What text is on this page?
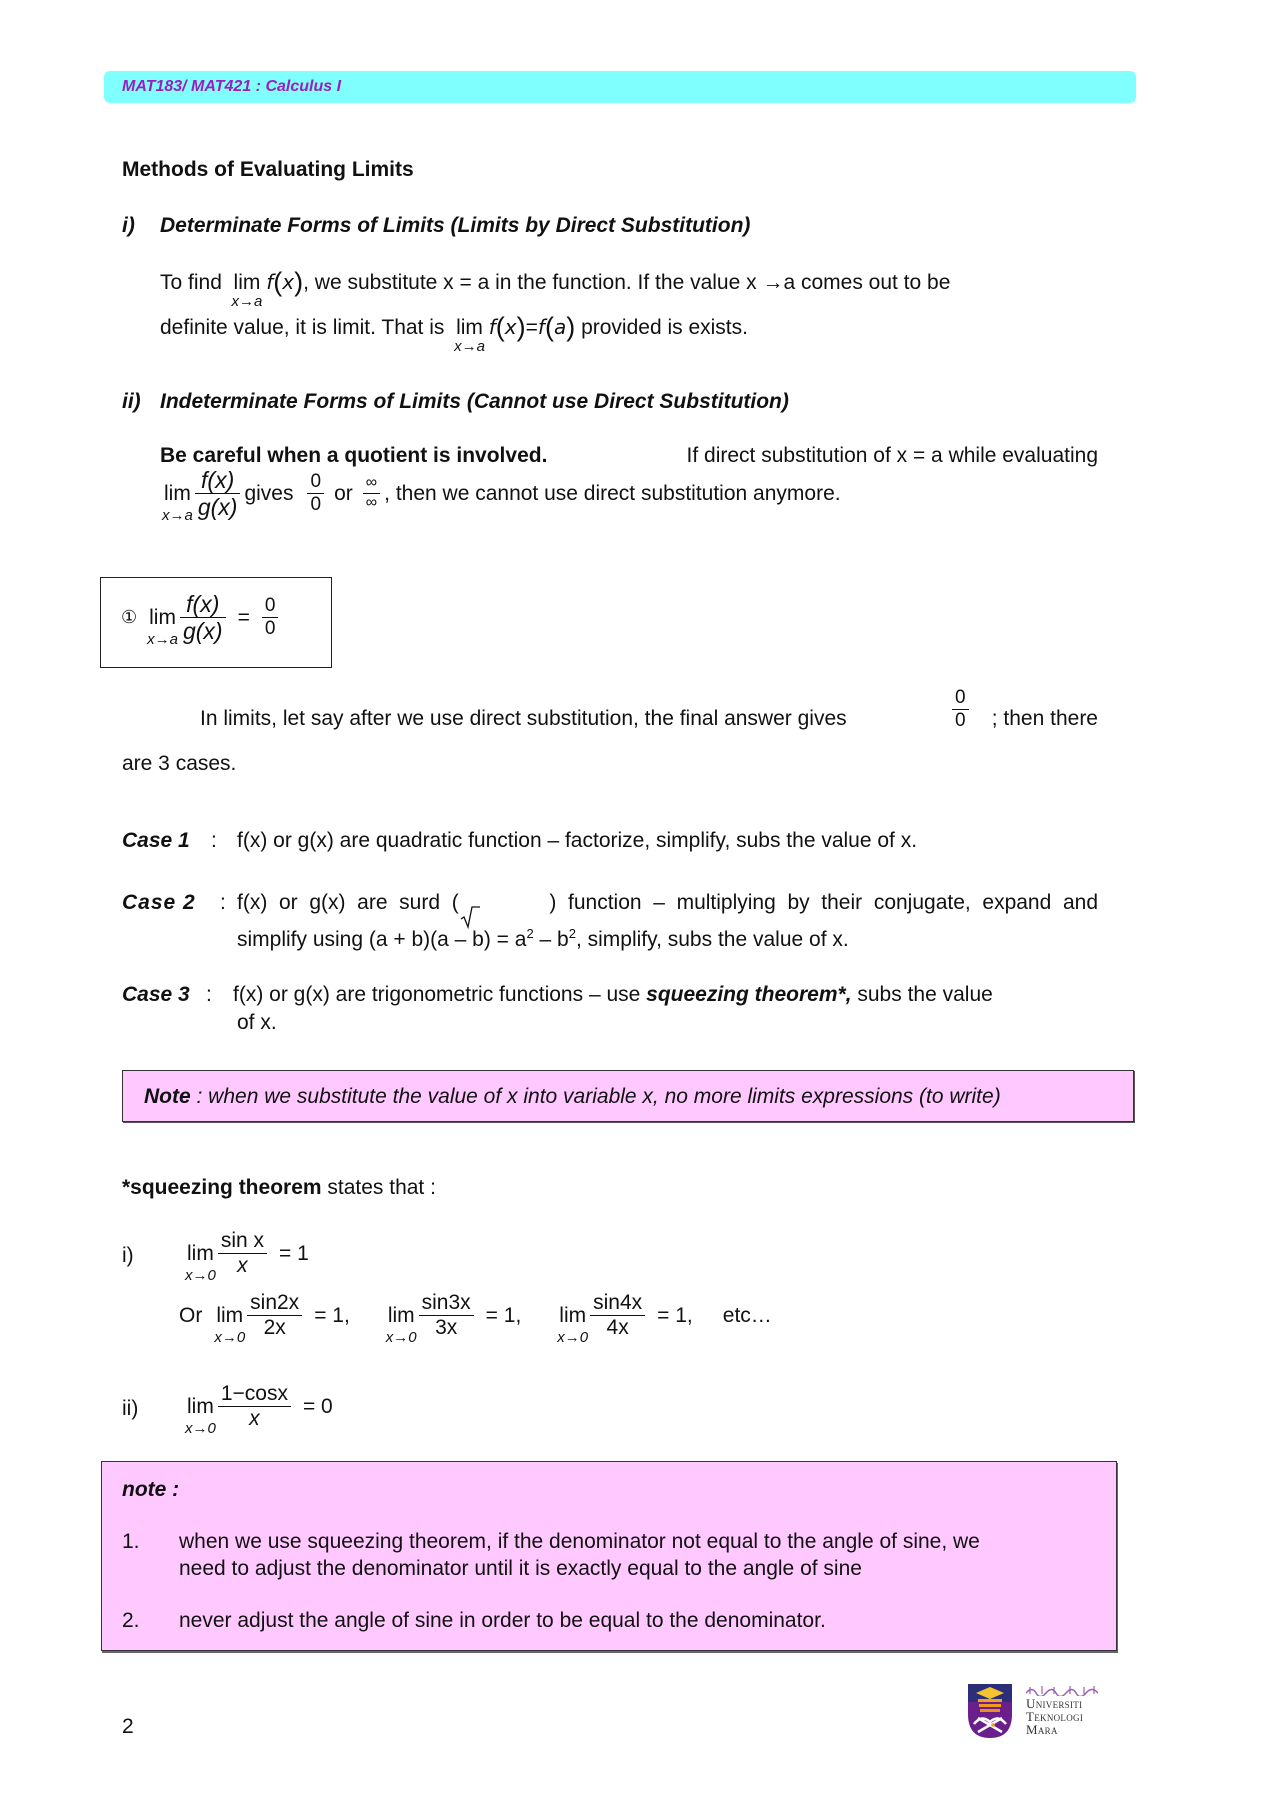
MAT183/ MAT421 : Calculus I
Methods of Evaluating Limits
i) Determinate Forms of Limits (Limits by Direct Substitution)
To find lim
x→a
f(x), we substitute x = a in the function. If the value x →a comes out to be
definite value, it is limit. That is lim
x→a
f(x)=f(a) provided is exists.
ii) Indeterminate Forms of Limits (Cannot use Direct Substitution)
Be careful when a quotient is involved.	If direct substitution of x = a while evaluating
lim
$x\to a \frac{f(x)}{g(x)}$ gives $\frac{0}{0}$ or $\frac{\infty}{\infty}$ , then we cannot use direct substitution anymore.
① lim
$x\to a \frac{f(x)}{g(x)} = \frac{0}{0}$
In limits, let say after we use direct substitution, the final answer gives
0
0 ; then there
are 3 cases.
Case 1 : f(x) or g(x) are quadratic function – factorize, simplify, subs the value of x.
Case 2 : f(x)  or  g(x)  are  surd  (	)  function  –  multiplying  by  their  conjugate,  expand  and
simplify using $(a + b)(a - b) = a^2 - b^2$, simplify, subs the value of x.
Case 3 : f(x) or g(x) are trigonometric functions – use squeezing theorem*, subs the value
of x.
Note : when we substitute the value of x into variable x, no more limits expressions (to write)
*squeezing theorem states that :
i)	lim
$x\to 0 \frac{\text{sin x}}{x} = 1$
Or lim
$x\to 0 \frac{\sin 2x}{2x} = 1$, lim
$x\to 0 \frac{\sin 3x}{3x} = 1$, lim
$x\to 0 \frac{\sin 4x}{4x} = 1$, etc…
ii) lim
$x\to 0 \frac{1-\cos x}{x} = 0$
note :
1. when we use squeezing theorem, if the denominator not equal to the angle of sine, we
need to adjust the denominator until it is exactly equal to the angle of sine
2. never adjust the angle of sine in order to be equal to the denominator.
2
Universiti
Teknologi
Mara
